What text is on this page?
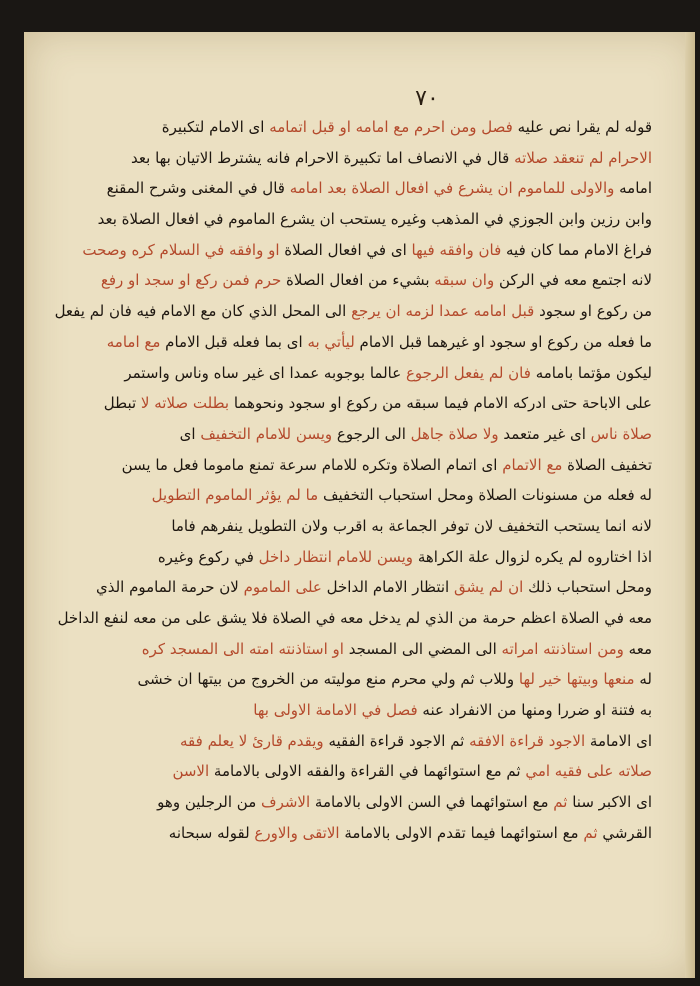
٧٠
قوله لم يقرا نص عليه فصل ومن احرم مع امامه او قبل اتمامه اى الامام لتكبيرة
الاحرام لم تنعقد صلاته قال في الانصاف اما تكبيرة الاحرام فانه يشترط الاتيان بها بعد
امامه والاولى للماموم ان يشرع في افعال الصلاة بعد امامه قال في المغنى وشرح المقنع
وابن رزين وابن الجوزي في المذهب وغيره يستحب ان يشرع الماموم في افعال الصلاة بعد
فراغ الامام مما كان فيه فان وافقه فيها اى في افعال الصلاة او وافقه في السلام كره وصحت
لانه اجتمع معه في الركن وان سبقه بشيء من افعال الصلاة حرم فمن ركع او سجد او رفع
من ركوع او سجود قبل امامه عمدا لزمه ان يرجع الى المحل الذي كان مع الامام فيه فان لم يفعل
ما فعله من ركوع او سجود او غيرهما قبل الامام ليأتي به اى بما فعله قبل الامام مع امامه
ليكون مؤتما بامامه فان لم يفعل الرجوع عالما بوجوبه عمدا اى غير ساه وناس واستمر
على الاباحة حتى ادركه الامام فيما سبقه من ركوع او سجود ونحوهما بطلت صلاته لا تبطل
صلاة ناس اى غير متعمد ولا صلاة جاهل الى الرجوع ويسن للامام التخفيف اى
تخفيف الصلاة مع الاتمام اى اتمام الصلاة وتكره للامام سرعة تمنع ماموما فعل ما يسن
له فعله من مسنونات الصلاة ومحل استحباب التخفيف ما لم يؤثر الماموم التطويل
لانه انما يستحب التخفيف لان توفر الجماعة به اقرب ولان التطويل ينفرهم فاما
اذا اختاروه لم يكره لزوال علة الكراهة ويسن للامام انتظار داخل في ركوع وغيره
ومحل استحباب ذلك ان لم يشق انتظار الامام الداخل على الماموم لان حرمة الماموم الذي
معه في الصلاة اعظم حرمة من الذي لم يدخل معه في الصلاة فلا يشق على من معه لنفع الداخل
معه ومن استاذنته امراته الى المضي الى المسجد او استاذنته امته الى المسجد كره
له منعها وبيتها خير لها وللاب ثم ولي محرم منع موليته من الخروج من بيتها ان خشى
به فتنة او ضررا ومنها من الانفراد عنه فصل في الامامة الاولى بها
اى الامامة الاجود قراءة الافقه ثم الاجود قراءة الفقيه ويقدم قارئ لا يعلم فقه
صلاته على فقيه امي ثم مع استوائهما في القراءة والفقه الاولى بالامامة الاسن
اى الاكبر سنا ثم مع استوائهما في السن الاولى بالامامة الاشرف من الرجلين وهو
القرشي ثم مع استوائهما فيما تقدم الاولى بالامامة الاتقى والاورع لقوله سبحانه
